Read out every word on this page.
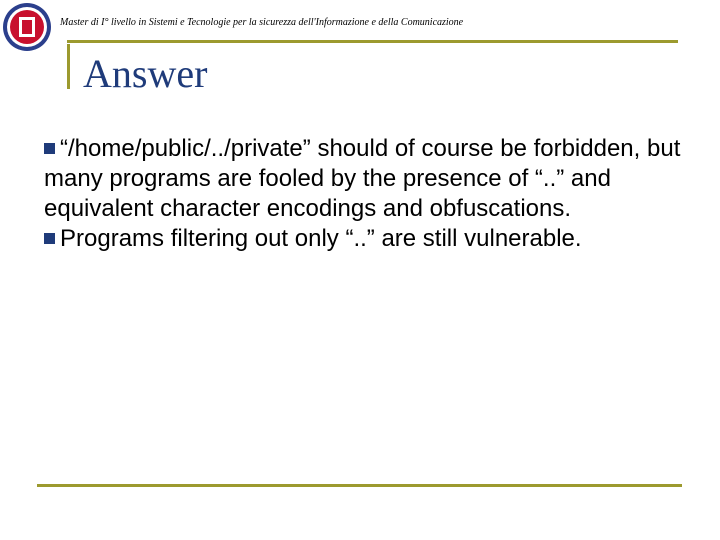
Master di I° livello in Sistemi e Tecnologie per la sicurezza dell'Informazione e della Comunicazione
Answer
“/home/public/../private” should of course be forbidden, but many programs are fooled by the presence of “..” and equivalent character encodings and obfuscations.
Programs filtering out only “..” are still vulnerable.
